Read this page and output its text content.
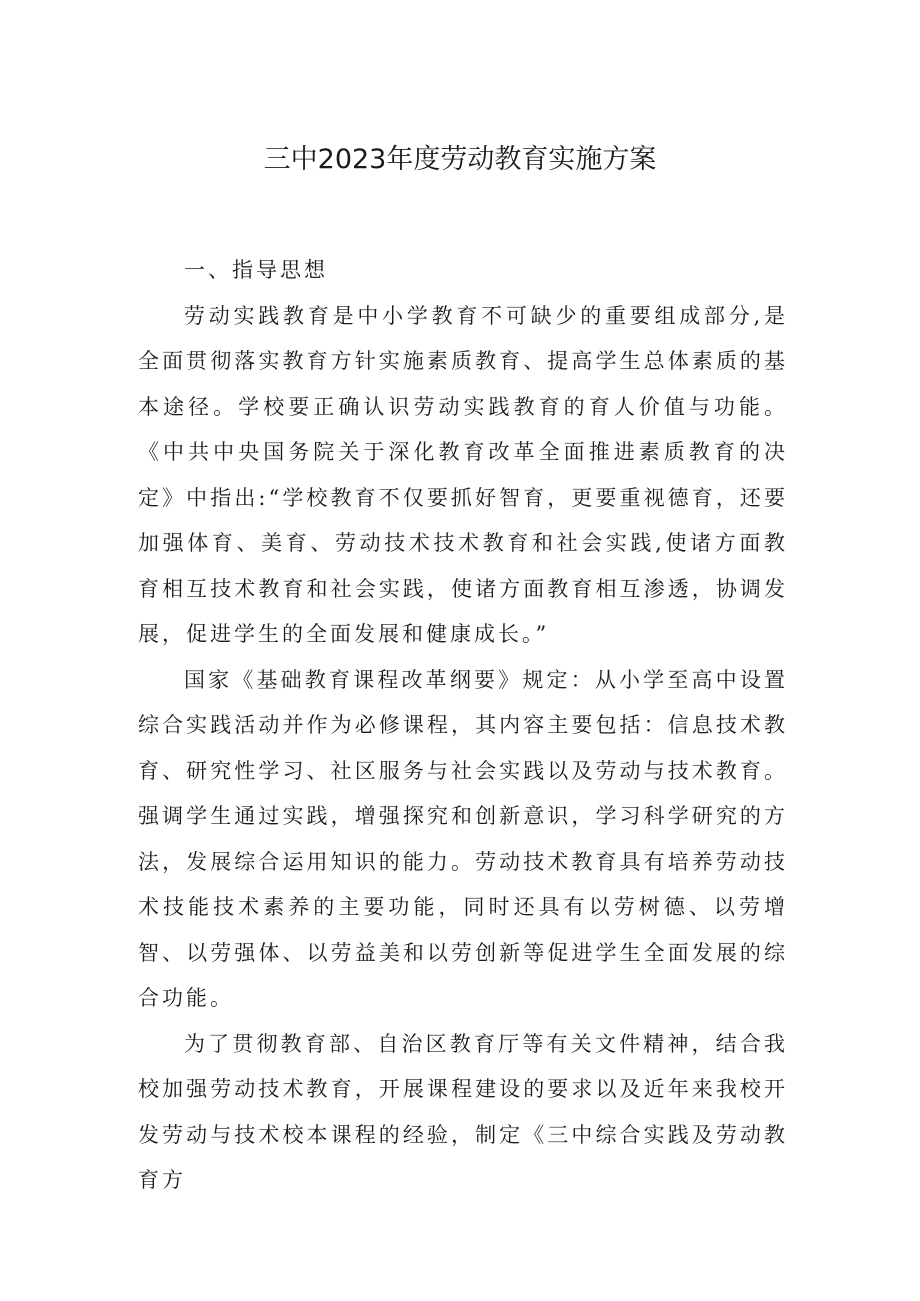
三中2023年度劳动教育实施方案
一、指导思想

劳动实践教育是中小学教育不可缺少的重要组成部分,是全面贯彻落实教育方针实施素质教育、提高学生总体素质的基本途径。学校要正确认识劳动实践教育的育人价值与功能。《中共中央国务院关于深化教育改革全面推进素质教育的决定》中指出:“学校教育不仅要抓好智育，更要重视德育，还要加强体育、美育、劳动技术技术教育和社会实践,使诸方面教育相互技术教育和社会实践，使诸方面教育相互渗透，协调发展，促进学生的全面发展和健康成长。”

国家《基础教育课程改革纲要》规定：从小学至高中设置综合实践活动并作为必修课程，其内容主要包括：信息技术教育、研究性学习、社区服务与社会实践以及劳动与技术教育。强调学生通过实践，增强探究和创新意识，学习科学研究的方法，发展综合运用知识的能力。劳动技术教育具有培养劳动技术技能技术素养的主要功能，同时还具有以劳树德、以劳增智、以劳强体、以劳益美和以劳创新等促进学生全面发展的综合功能。

为了贯彻教育部、自治区教育厅等有关文件精神，结合我校加强劳动技术教育，开展课程建设的要求以及近年来我校开发劳动与技术校本课程的经验，制定《三中综合实践及劳动教育方
